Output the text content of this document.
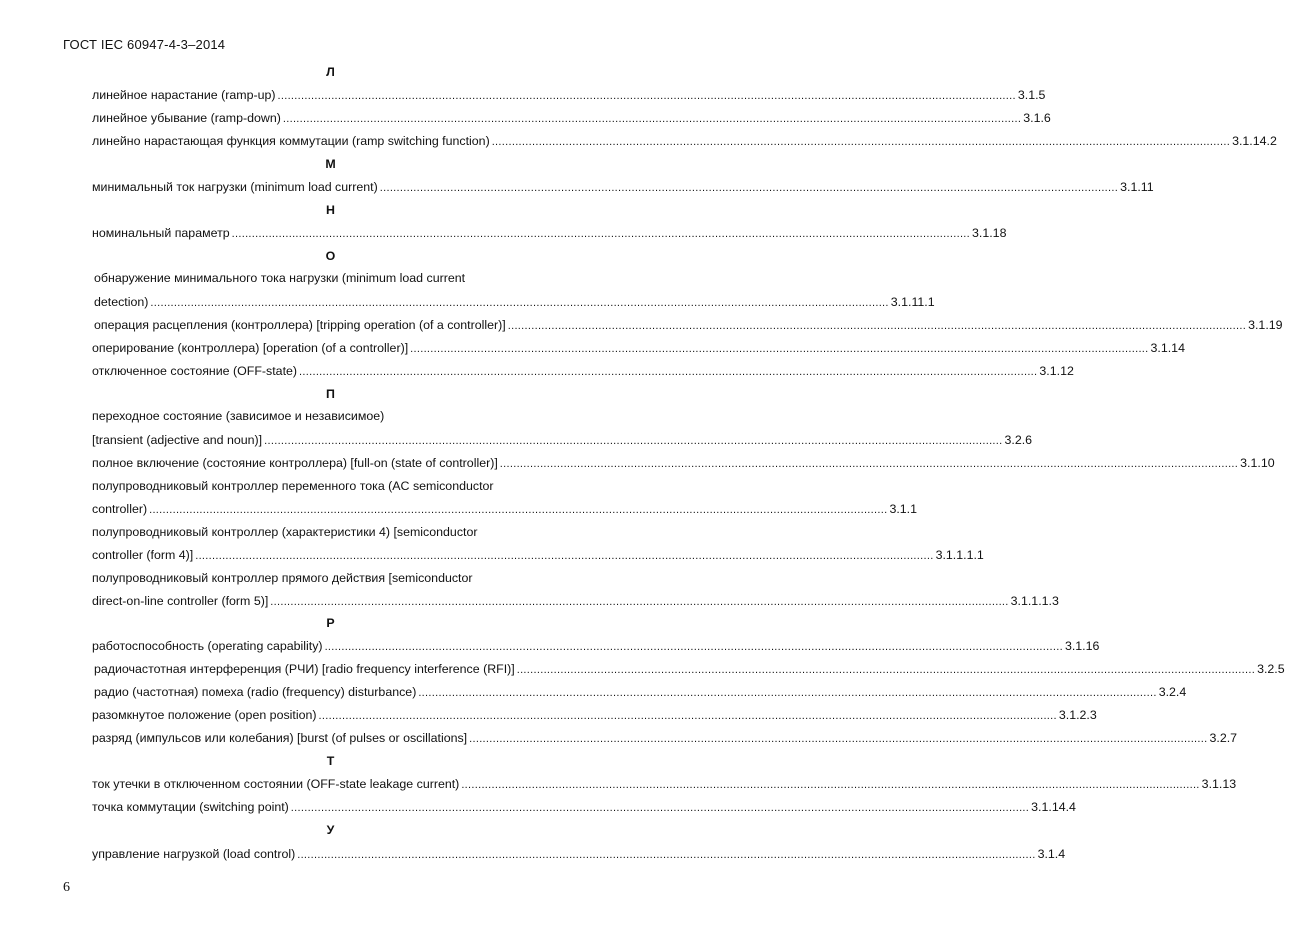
ГОСТ IEC 60947-4-3–2014
Л
линейное нарастание (ramp-up) ............................................................................................................................................................................................................................ 3.1.5
линейное убывание (ramp-down) ............................................................................................................................................................................................................................ 3.1.6
линейно нарастающая функция коммутации (ramp switching function) ............................................................................................................................................................................................................................ 3.1.14.2
М
минимальный ток нагрузки (minimum load current) ............................................................................................................................................................................................................................ 3.1.11
Н
номинальный параметр ............................................................................................................................................................................................................................ 3.1.18
О
обнаружение минимального тока нагрузки (minimum load current
detection) ............................................................................................................................................................................................................................ 3.1.11.1
операция расцепления (контроллера) [tripping operation (of a controller)] ............................................................................................................................................................................................................................ 3.1.19
оперирование (контроллера) [operation (of a controller)] ............................................................................................................................................................................................................................ 3.1.14
отключенное состояние (OFF-state) ............................................................................................................................................................................................................................ 3.1.12
П
переходное состояние (зависимое и независимое)
[transient (adjective and noun)] ............................................................................................................................................................................................................................ 3.2.6
полное включение (состояние контроллера) [full-on (state of controller)] ............................................................................................................................................................................................................................ 3.1.10
полупроводниковый контроллер переменного тока (AC semiconductor
controller) ............................................................................................................................................................................................................................ 3.1.1
полупроводниковый контроллер (характеристики 4) [semiconductor
controller (form 4)] ............................................................................................................................................................................................................................ 3.1.1.1.1
полупроводниковый контроллер прямого действия [semiconductor
direct-on-line controller (form 5)] ............................................................................................................................................................................................................................ 3.1.1.1.3
Р
работоспособность (operating capability) ............................................................................................................................................................................................................................ 3.1.16
радиочастотная интерференция (РЧИ) [radio frequency interference (RFI)] ............................................................................................................................................................................................................................ 3.2.5
радио (частотная) помеха (radio (frequency) disturbance) ............................................................................................................................................................................................................................ 3.2.4
разомкнутое положение (open position) ............................................................................................................................................................................................................................ 3.1.2.3
разряд (импульсов или колебания) [burst (of pulses or oscillations] ............................................................................................................................................................................................................................ 3.2.7
Т
ток утечки в отключенном состоянии (OFF-state leakage current) ............................................................................................................................................................................................................................ 3.1.13
точка коммутации (switching point) ............................................................................................................................................................................................................................ 3.1.14.4
У
управление нагрузкой (load control) ............................................................................................................................................................................................................................ 3.1.4
6
